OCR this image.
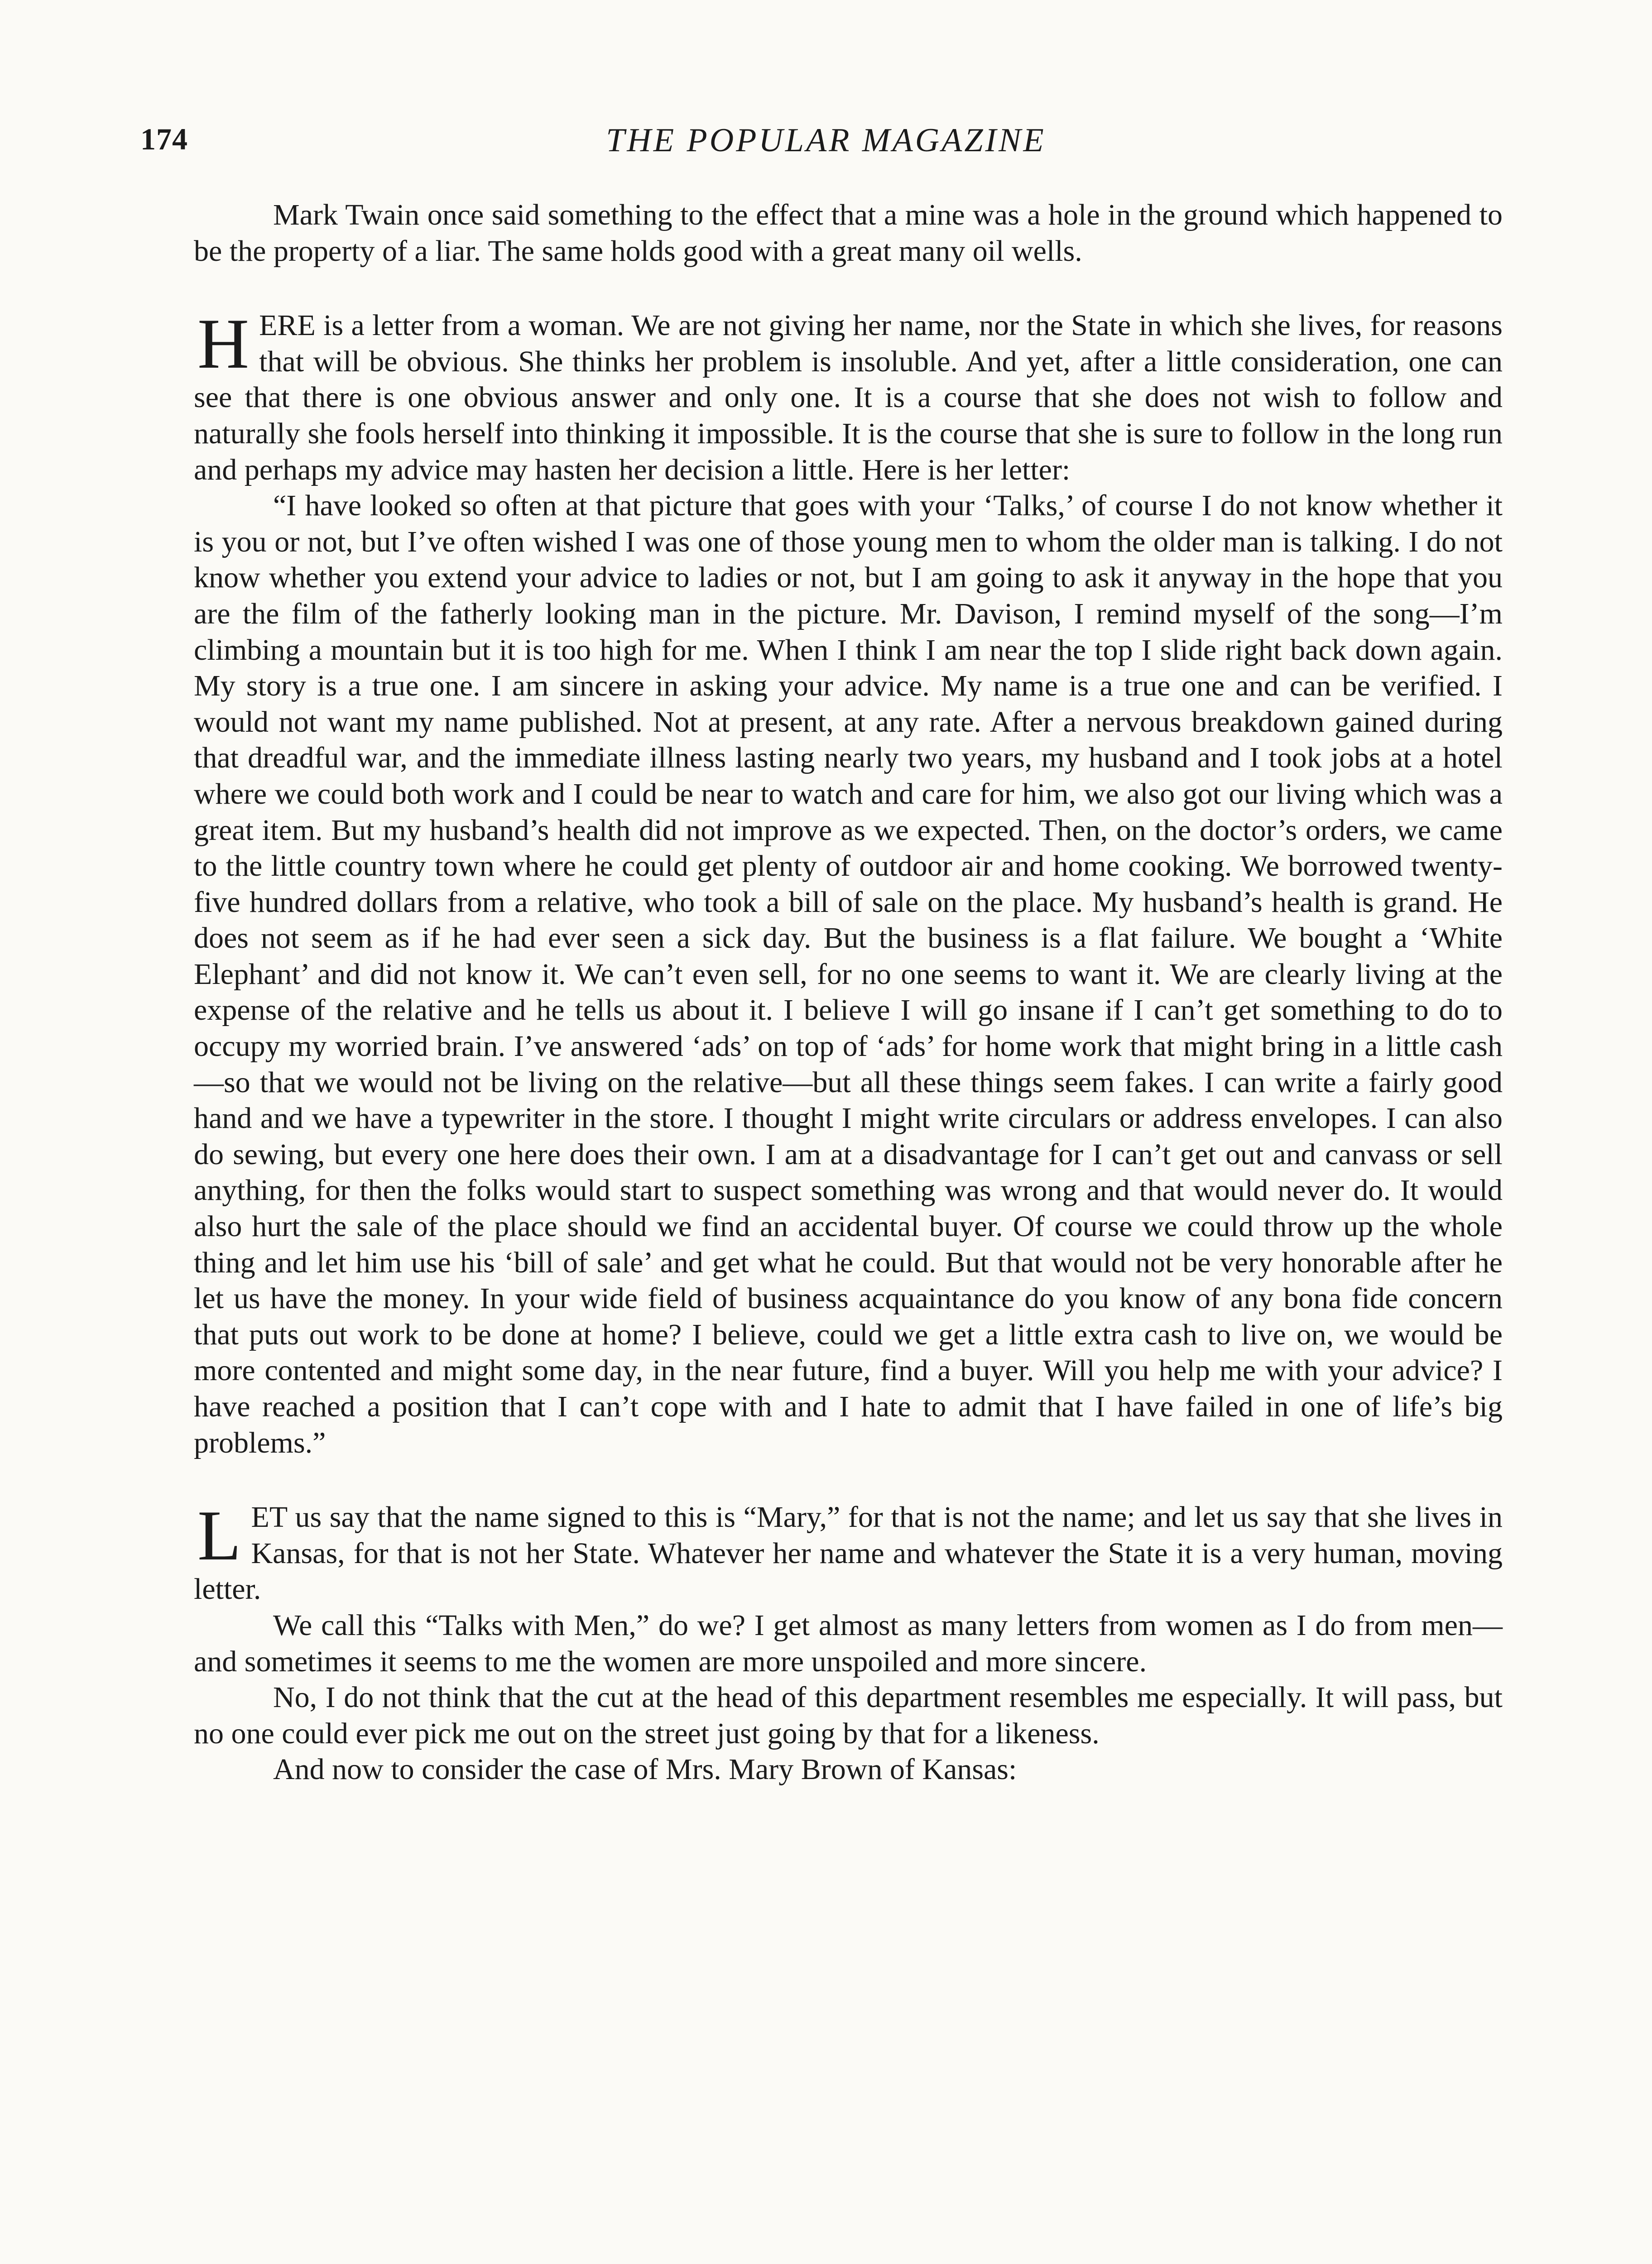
174	THE POPULAR MAGAZINE

Mark Twain once said something to the effect that a mine was a hole in the ground which happened to be the property of a liar. The same holds good with a great many oil wells.

HERE is a letter from a woman. We are not giving her name, nor the State in which she lives, for reasons that will be obvious. She thinks her problem is insoluble. And yet, after a little consideration, one can see that there is one obvious answer and only one. It is a course that she does not wish to follow and naturally she fools herself into thinking it impossible. It is the course that she is sure to follow in the long run and perhaps my advice may hasten her decision a little. Here is her letter:

“I have looked so often at that picture that goes with your ‘Talks,’ of course I do not know whether it is you or not, but I’ve often wished I was one of those young men to whom the older man is talking. I do not know whether you extend your advice to ladies or not, but I am going to ask it anyway in the hope that you are the film of the fatherly looking man in the picture. Mr. Davison, I remind myself of the song—I’m climbing a mountain but it is too high for me. When I think I am near the top I slide right back down again. My story is a true one. I am sincere in asking your advice. My name is a true one and can be verified. I would not want my name published. Not at present, at any rate. After a nervous breakdown gained during that dreadful war, and the immediate illness lasting nearly two years, my husband and I took jobs at a hotel where we could both work and I could be near to watch and care for him, we also got our living which was a great item. But my husband’s health did not improve as we expected. Then, on the doctor’s orders, we came to the little country town where he could get plenty of outdoor air and home cooking. We borrowed twenty-five hundred dollars from a relative, who took a bill of sale on the place. My husband’s health is grand. He does not seem as if he had ever seen a sick day. But the business is a flat failure. We bought a ‘White Elephant’ and did not know it. We can’t even sell, for no one seems to want it. We are clearly living at the expense of the relative and he tells us about it. I believe I will go insane if I can’t get something to do to occupy my worried brain. I’ve answered ‘ads’ on top of ‘ads’ for home work that might bring in a little cash—so that we would not be living on the relative—but all these things seem fakes. I can write a fairly good hand and we have a typewriter in the store. I thought I might write circulars or address envelopes. I can also do sewing, but every one here does their own. I am at a disadvantage for I can’t get out and canvass or sell anything, for then the folks would start to suspect something was wrong and that would never do. It would also hurt the sale of the place should we find an accidental buyer. Of course we could throw up the whole thing and let him use his ‘bill of sale’ and get what he could. But that would not be very honorable after he let us have the money. In your wide field of business acquaintance do you know of any bona fide concern that puts out work to be done at home? I believe, could we get a little extra cash to live on, we would be more contented and might some day, in the near future, find a buyer. Will you help me with your advice? I have reached a position that I can’t cope with and I hate to admit that I have failed in one of life’s big problems.”

LET us say that the name signed to this is “Mary,” for that is not the name; and let us say that she lives in Kansas, for that is not her State. Whatever her name and whatever the State it is a very human, moving letter.

We call this “Talks with Men,” do we? I get almost as many letters from women as I do from men—and sometimes it seems to me the women are more unspoiled and more sincere.

No, I do not think that the cut at the head of this department resembles me especially. It will pass, but no one could ever pick me out on the street just going by that for a likeness.

And now to consider the case of Mrs. Mary Brown of Kansas:
